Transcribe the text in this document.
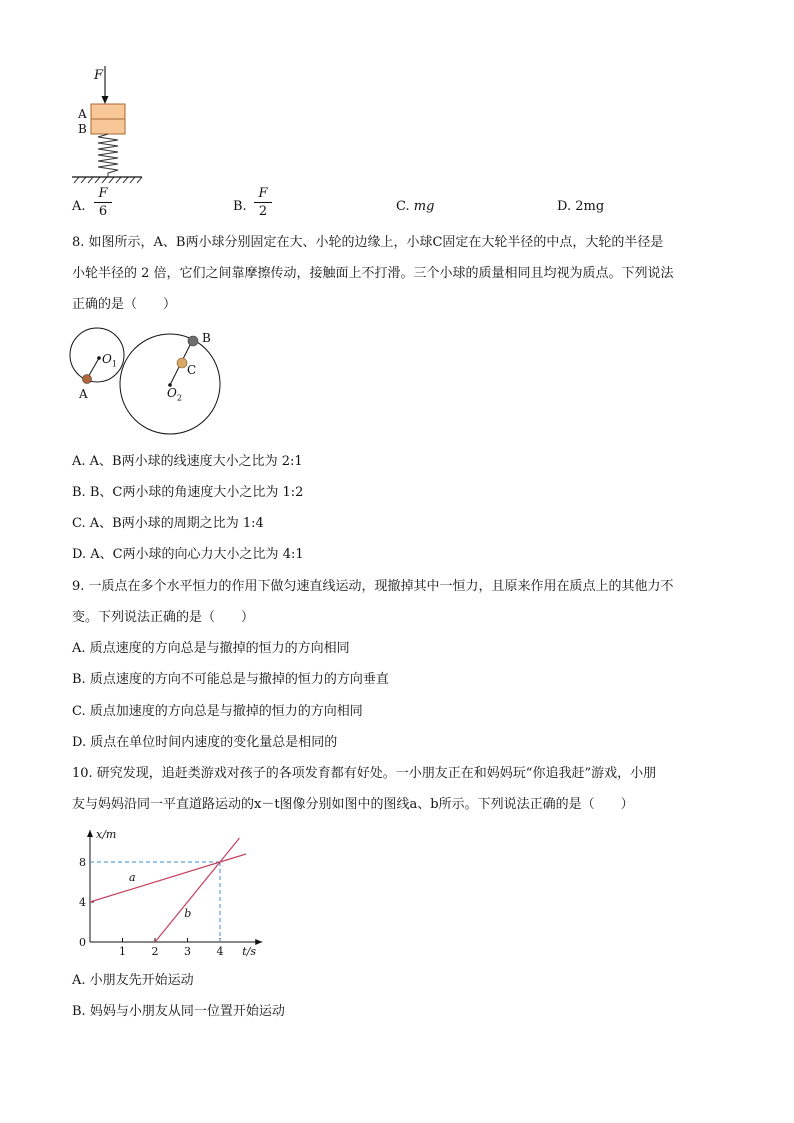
F
A
B
A.
F
6	B.
F
2	C. mg	D. 2mg
8. 如图所示，A、B两小球分别固定在大、小轮的边缘上，小球C固定在大轮半径的中点，大轮的半径是
小轮半径的 2 倍，它们之间靠摩擦传动，接触面上不打滑。三个小球的质量相同且均视为质点。下列说法
正确的是（　　）
$O_1$
$O_2$
A
B
C
A. A、B两小球的线速度大小之比为 2:1
B. B、C两小球的角速度大小之比为 1:2
C. A、B两小球的周期之比为 1:4
D. A、C两小球的向心力大小之比为 4:1
9. 一质点在多个水平恒力的作用下做匀速直线运动，现撤掉其中一恒力，且原来作用在质点上的其他力不
变。下列说法正确的是（　　）
A. 质点速度的方向总是与撤掉的恒力的方向相同
B. 质点速度的方向不可能总是与撤掉的恒力的方向垂直
C. 质点加速度的方向总是与撤掉的恒力的方向相同
D. 质点在单位时间内速度的变化量总是相同的
10. 研究发现，追赶类游戏对孩子的各项发育都有好处。一小朋友正在和妈妈玩“你追我赶”游戏，小朋
友与妈妈沿同一平直道路运动的x－t图像分别如图中的图线a、b所示。下列说法正确的是（　　）
1 2 3 4
4
8
0
x/m
t/s
a
b
A. 小朋友先开始运动
B. 妈妈与小朋友从同一位置开始运动
